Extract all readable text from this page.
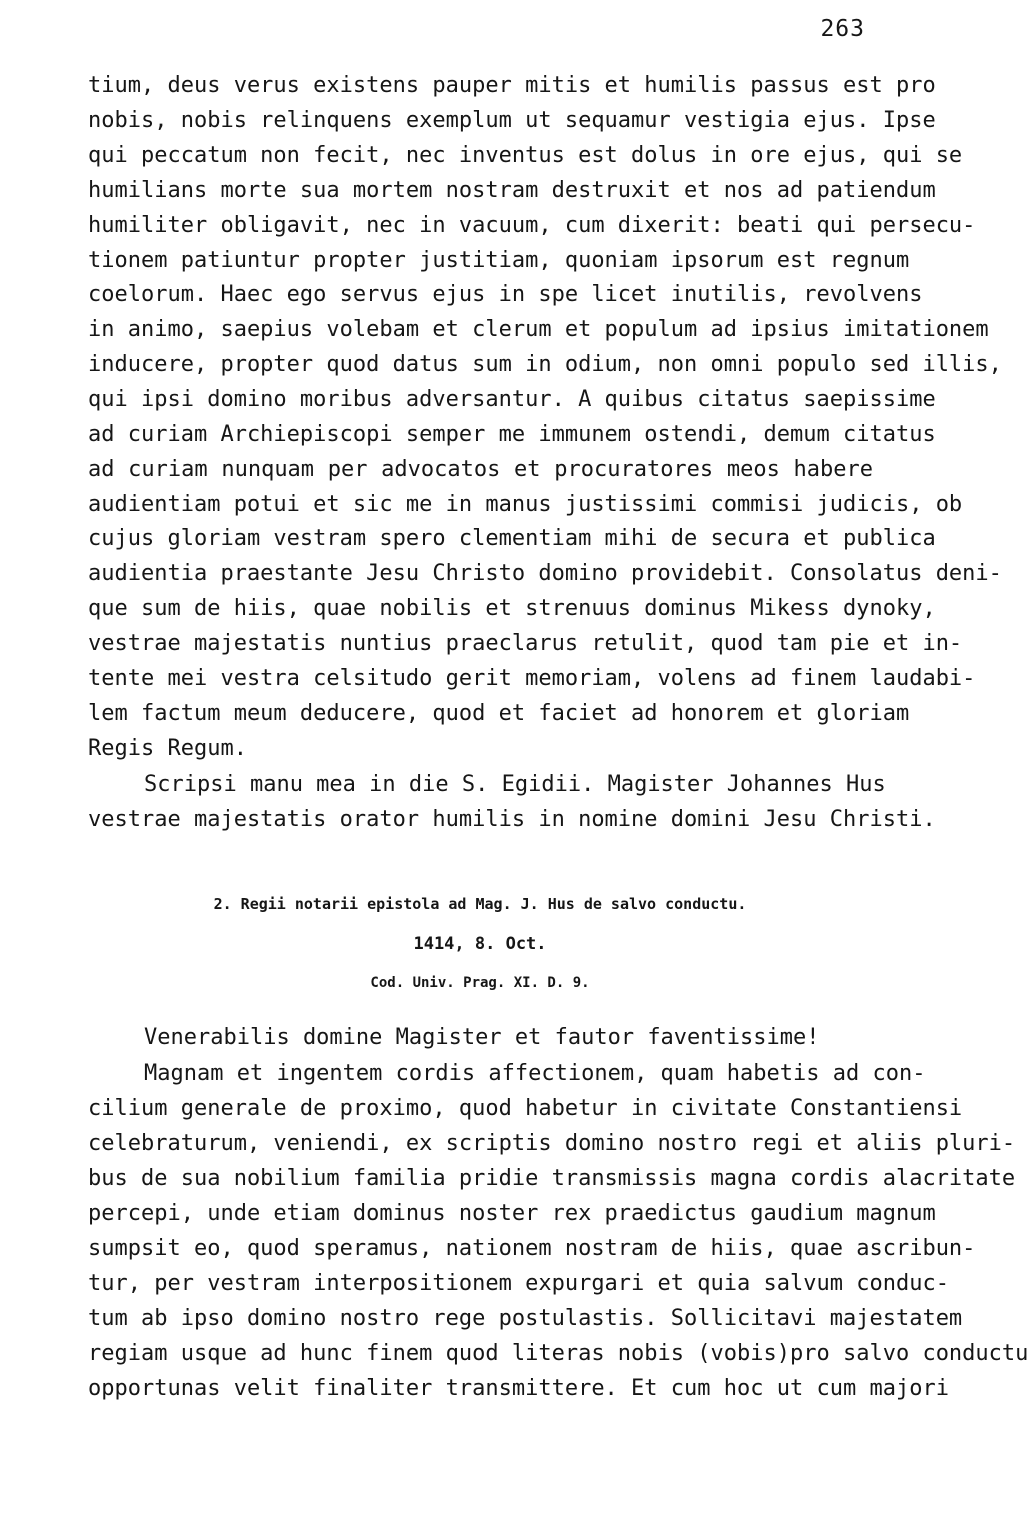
263

tium, deus verus existens pauper mitis et humilis passus est pro

nobis, nobis relinquens exemplum ut sequamur vestigia ejus. Ipse

qui peccatum non fecit, nec inventus est dolus in ore ejus, qui se

humilians morte sua mortem nostram destruxit et nos ad patiendum

humiliter obligavit, nec in vacuum, cum dixerit: beati qui persecu-

tionem patiuntur propter justitiam, quoniam ipsorum est regnum

coelorum. Haec ego servus ejus in spe licet inutilis, revolvens

in animo, saepius volebam et clerum et populum ad ipsius imitationem

inducere, propter quod datus sum in odium, non omni populo sed illis,

qui ipsi domino moribus adversantur. A quibus citatus saepissime

ad curiam Archiepiscopi semper me immunem ostendi, demum citatus

ad curiam nunquam per advocatos et procuratores meos habere

audientiam potui et sic me in manus justissimi commisi judicis, ob

cujus gloriam vestram spero clementiam mihi de secura et publica

audientia praestante Jesu Christo domino providebit. Consolatus deni-

que sum de hiis, quae nobilis et strenuus dominus Mikess dynoky,

vestrae majestatis nuntius praeclarus retulit, quod tam pie et in-

tente mei vestra celsitudo gerit memoriam, volens ad finem laudabi-

lem factum meum deducere, quod et faciet ad honorem et gloriam

Regis Regum.

Scripsi manu mea in die S. Egidii. Magister Johannes Hus

vestrae majestatis orator humilis in nomine domini Jesu Christi.

2. Regii notarii epistola ad Mag. J. Hus de salvo conductu.

1414, 8. Oct.

Cod. Univ. Prag. XI. D. 9.

Venerabilis domine Magister et fautor faventissime!

Magnam et ingentem cordis affectionem, quam habetis ad con-

cilium generale de proximo, quod habetur in civitate Constantiensi

celebraturum, veniendi, ex scriptis domino nostro regi et aliis pluri-

bus de sua nobilium familia pridie transmissis magna cordis alacritate

percepi, unde etiam dominus noster rex praedictus gaudium magnum

sumpsit eo, quod speramus, nationem nostram de hiis, quae ascribun-

tur, per vestram interpositionem expurgari et quia salvum conduc-

tum ab ipso domino nostro rege postulastis. Sollicitavi majestatem

regiam usque ad hunc finem quod literas nobis (vobis)pro salvo conductu

opportunas velit finaliter transmittere. Et cum hoc ut cum majori
